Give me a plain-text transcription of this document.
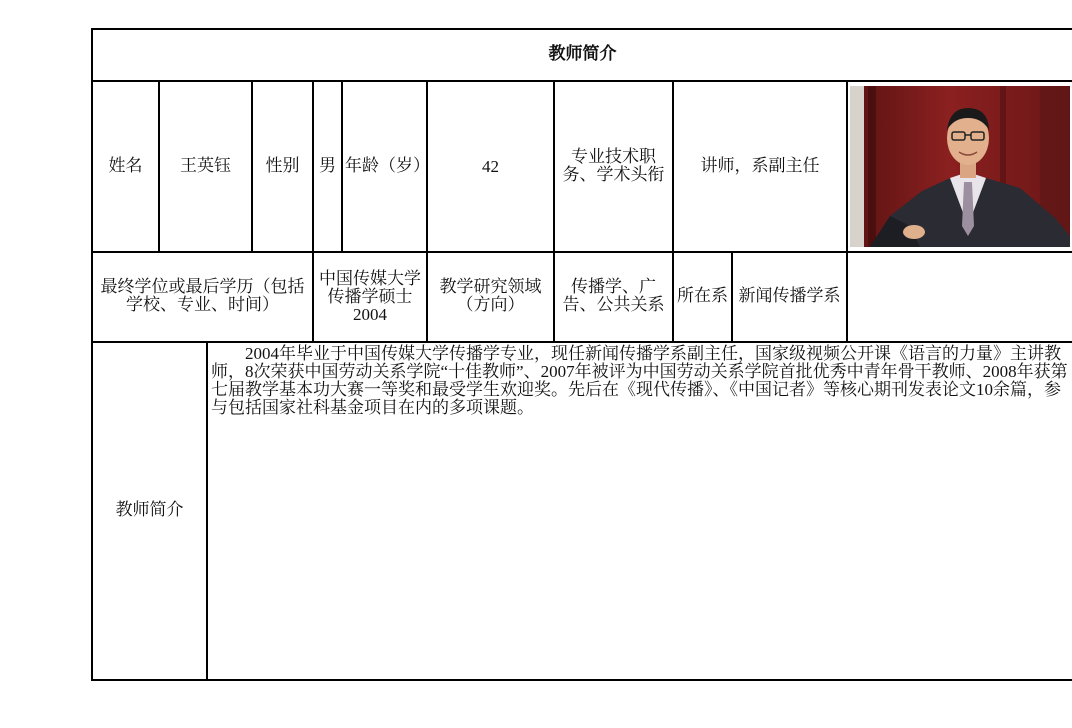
教师简介										
姓名	王英钰		性别	男	年龄（岁）	42	专业技术职务、学术头衔	讲师，系副主任	

最终学位或最后学历（包括学校、专业、时间）				中国传媒大学传播学硕士2004		教学研究领域（方向）	传播学、广告、公共关系	所在系	新闻传播学系	
教师简介		2004年毕业于中国传媒大学传播学专业，现任新闻传播学系副主任，国家级视频公开课《语言的力量》主讲教师，8次荣获中国劳动关系学院“十佳教师”、2007年被评为中国劳动关系学院首批优秀中青年骨干教师、2008年获第七届教学基本功大赛一等奖和最受学生欢迎奖。先后在《现代传播》、《中国记者》等核心期刊发表论文10余篇，参与包括国家社科基金项目在内的多项课题。								
